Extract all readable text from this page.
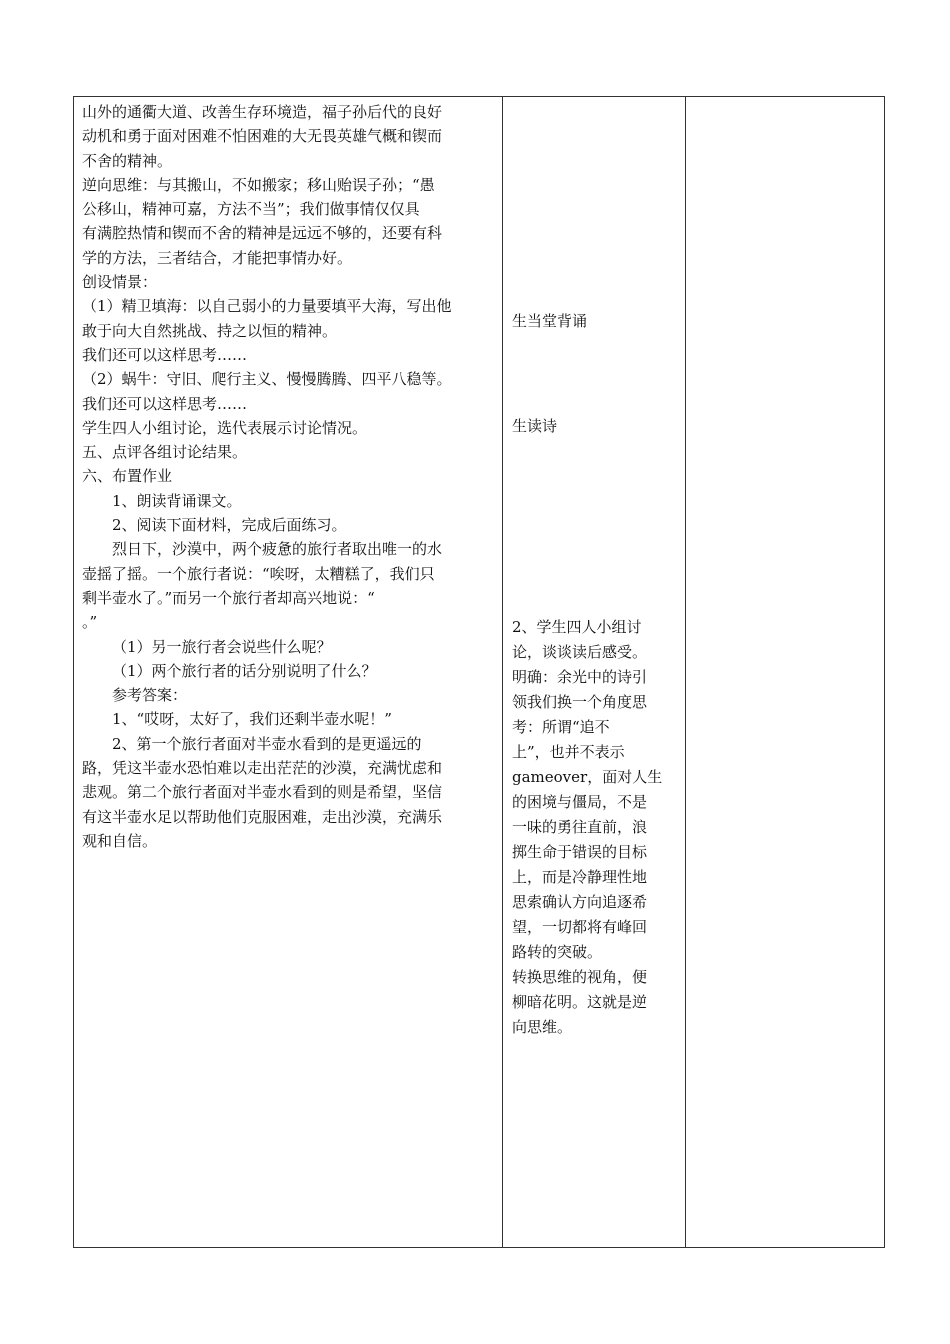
山外的通衢大道、改善生存环境造，福子孙后代的良好

动机和勇于面对困难不怕困难的大无畏英雄气概和锲而

不舍的精神。

逆向思维：与其搬山，不如搬家；移山贻误子孙；“愚

公移山，精神可嘉，方法不当”；我们做事情仅仅具

有满腔热情和锲而不舍的精神是远远不够的，还要有科

学的方法，三者结合，才能把事情办好。

创设情景：

（1）精卫填海：以自己弱小的力量要填平大海，写出他

敢于向大自然挑战、持之以恒的精神。

我们还可以这样思考……

（2）蜗牛：守旧、爬行主义、慢慢腾腾、四平八稳等。

我们还可以这样思考……

学生四人小组讨论，选代表展示讨论情况。

五、点评各组讨论结果。

六、布置作业

1、朗读背诵课文。

2、阅读下面材料，完成后面练习。

烈日下，沙漠中，两个疲惫的旅行者取出唯一的水

壶摇了摇。一个旅行者说：“唉呀，太糟糕了，我们只

剩半壶水了。”而另一个旅行者却高兴地说：“

。”

（1）另一旅行者会说些什么呢？

（1）两个旅行者的话分别说明了什么？

参考答案：

1、“哎呀，太好了，我们还剩半壶水呢！”

2、第一个旅行者面对半壶水看到的是更遥远的

路，凭这半壶水恐怕难以走出茫茫的沙漠，充满忧虑和

悲观。第二个旅行者面对半壶水看到的则是希望，坚信

有这半壶水足以帮助他们克服困难，走出沙漠，充满乐

观和自信。

生当堂背诵

生读诗

2、学生四人小组讨

论，谈谈读后感受。

明确：余光中的诗引

领我们换一个角度思

考：所谓“追不

上”，也并不表示

gameover，面对人生

的困境与僵局，不是

一味的勇往直前，浪

掷生命于错误的目标

上，而是冷静理性地

思索确认方向追逐希

望，一切都将有峰回

路转的突破。

转换思维的视角，便

柳暗花明。这就是逆

向思维。
